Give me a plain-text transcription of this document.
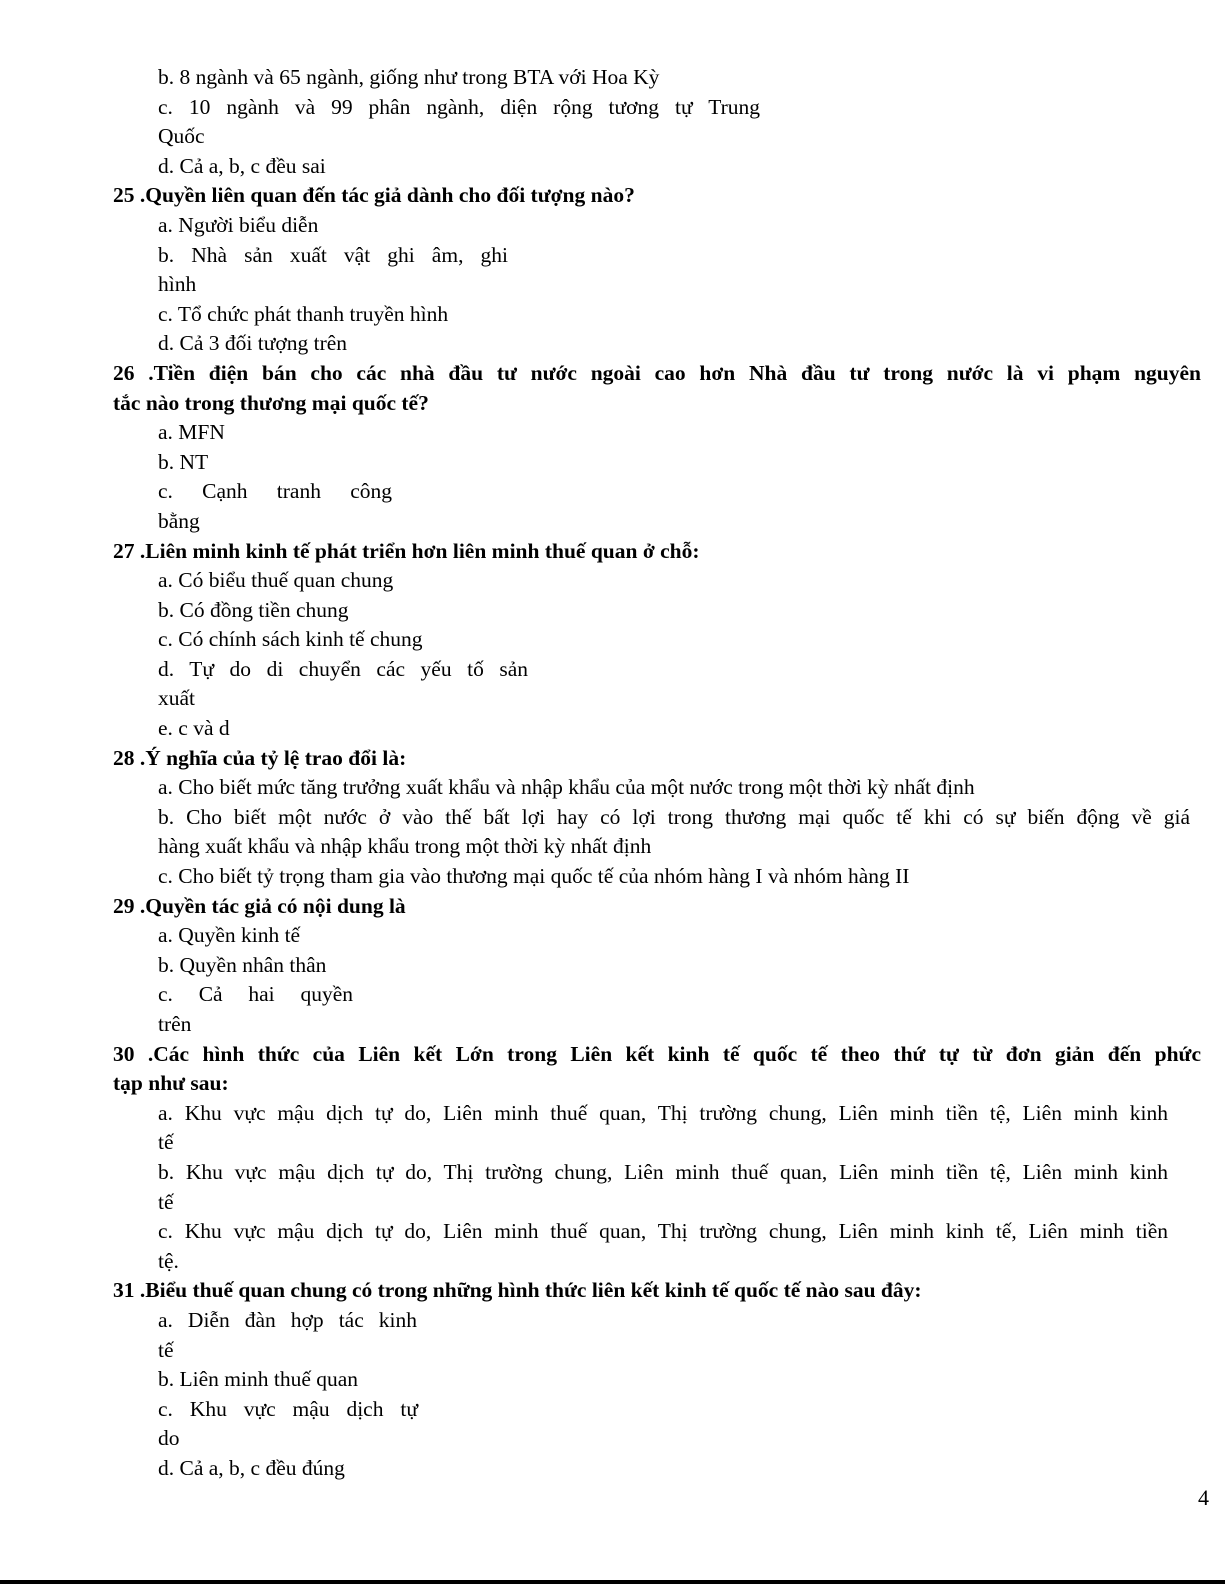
b. 8 ngành và 65 ngành, giống như trong BTA với Hoa Kỳ
c. 10 ngành và 99 phân ngành, diện rộng tương tự Trung
Quốc
d. Cả a, b, c đều sai
25 .Quyền liên quan đến tác giả dành cho đối tượng nào?
a. Người biểu diễn
b. Nhà sản xuất vật ghi âm, ghi
hình
c. Tổ chức phát thanh truyền hình
d. Cả 3 đối tượng trên
26 .Tiền điện bán cho các nhà đầu tư nước ngoài cao hơn Nhà đầu tư trong nước là vi phạm nguyên
tắc nào trong thương mại quốc tế?
a. MFN
b. NT
c. Cạnh tranh công
bằng
27 .Liên minh kinh tế phát triển hơn liên minh thuế quan ở chỗ:
a. Có biểu thuế quan chung
b. Có đồng tiền chung
c. Có chính sách kinh tế chung
d. Tự do di chuyển các yếu tố sản
xuất
e. c và d
28 .Ý nghĩa của tỷ lệ trao đổi là:
a. Cho biết mức tăng trưởng xuất khẩu và nhập khẩu của một nước trong một thời kỳ nhất định
b. Cho biết một nước ở vào thế bất lợi hay có lợi trong thương mại quốc tế khi có sự biến động về giá
hàng xuất khẩu và nhập khẩu trong một thời kỳ nhất định
c. Cho biết tỷ trọng tham gia vào thương mại quốc tế của nhóm hàng I và nhóm hàng II
29 .Quyền tác giả có nội dung là
a. Quyền kinh tế
b. Quyền nhân thân
c. Cả hai quyền
trên
30 .Các hình thức của Liên kết Lớn trong Liên kết kinh tế quốc tế theo thứ tự từ đơn giản đến phức
tạp như sau:
a. Khu vực mậu dịch tự do, Liên minh thuế quan, Thị trường chung, Liên minh tiền tệ, Liên minh kinh
tế
b. Khu vực mậu dịch tự do, Thị trường chung, Liên minh thuế quan, Liên minh tiền tệ, Liên minh kinh
tế
c. Khu vực mậu dịch tự do, Liên minh thuế quan, Thị trường chung, Liên minh kinh tế, Liên minh tiền
tệ.
31 .Biểu thuế quan chung có trong những hình thức liên kết kinh tế quốc tế nào sau đây:
a. Diễn đàn hợp tác kinh
tế
b. Liên minh thuế quan
c. Khu vực mậu dịch tự
do
d. Cả a, b, c đều đúng
4
